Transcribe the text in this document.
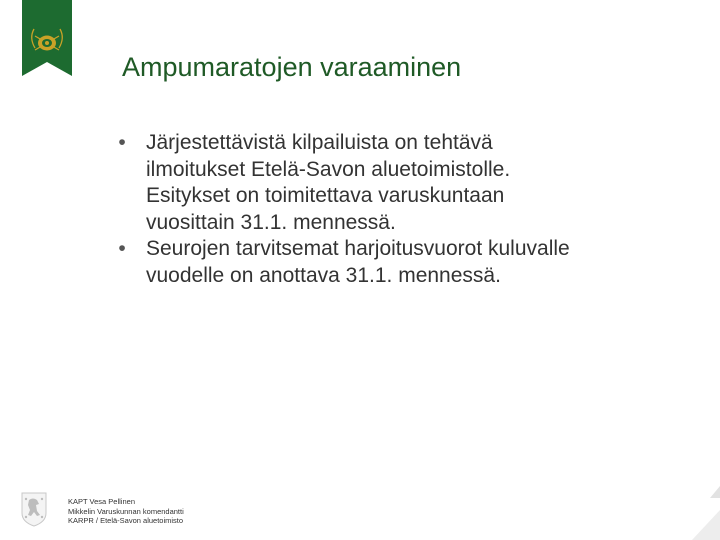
Ampumaratojen varaaminen
• Järjestettävistä kilpailuista on tehtävä
ilmoitukset Etelä-Savon aluetoimistolle.
Esitykset on toimitettava varuskuntaan
vuosittain 31.1. mennessä.
• Seurojen tarvitsemat harjoitusvuorot kuluvalle
vuodelle on anottava 31.1. mennessä.
KAPT Vesa Pellinen
Mikkelin Varuskunnan komendantti
KARPR / Etelä-Savon aluetoimisto
